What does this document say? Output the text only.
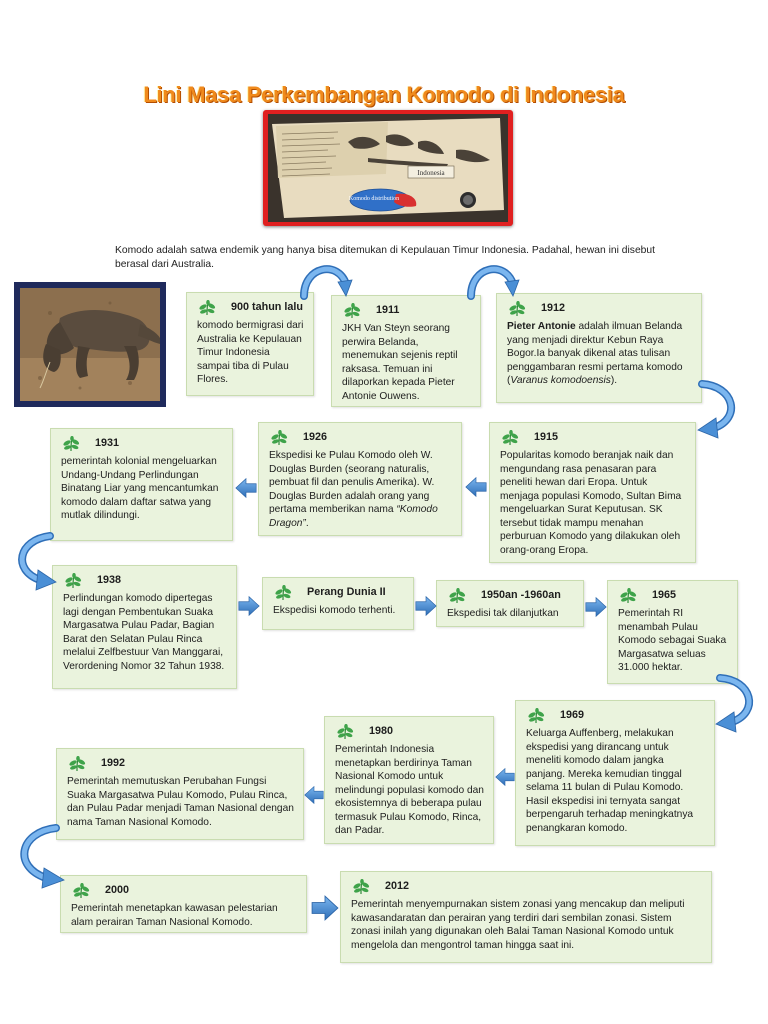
Lini Masa Perkembangan Komodo di Indonesia
Indonesia
Komodo distribution
Komodo adalah satwa endemik yang hanya bisa ditemukan di Kepulauan Timur Indonesia. Padahal, hewan ini disebut berasal dari Australia.
900 tahun lalu

komodo bermigrasi dari Australia ke Kepulauan Timur Indonesia sampai tiba di Pulau Flores.

1911

JKH Van Steyn seorang perwira Belanda, menemukan sejenis reptil raksasa. Temuan ini dilaporkan kepada Pieter Antonie Ouwens.

1912

Pieter Antonie adalah ilmuan Belanda yang menjadi direktur Kebun Raya Bogor.Ia banyak dikenal atas tulisan penggambaran resmi pertama komodo (Varanus komodoensis).

1931

pemerintah kolonial mengeluarkan Undang-Undang Perlindungan Binatang Liar yang mencantumkan komodo dalam daftar satwa yang mutlak dilindungi.

1926

Ekspedisi ke Pulau Komodo oleh W. Douglas Burden (seorang naturalis, pembuat fil dan penulis Amerika). W. Douglas Burden adalah orang yang pertama memberikan nama “Komodo Dragon”.

1915

Popularitas komodo beranjak naik dan mengundang rasa penasaran para peneliti hewan dari Eropa. Untuk menjaga populasi Komodo, Sultan Bima mengeluarkan Surat Keputusan. SK tersebut tidak mampu menahan perburuan Komodo yang dilakukan oleh orang-orang Eropa.

1938

Perlindungan komodo dipertegas lagi dengan Pembentukan Suaka Margasatwa Pulau Padar, Bagian Barat den Selatan Pulau Rinca melalui Zelfbestuur Van Manggarai, Verordening Nomor 32 Tahun 1938.

Perang Dunia II

Ekspedisi komodo terhenti.

1950an -1960an

Ekspedisi tak dilanjutkan

1965

Pemerintah RI menambah Pulau Komodo sebagai Suaka Margasatwa seluas 31.000 hektar.

1992

Pemerintah memutuskan Perubahan Fungsi Suaka Margasatwa Pulau Komodo, Pulau Rinca, dan Pulau Padar menjadi Taman Nasional dengan nama Taman Nasional Komodo.

1980

Pemerintah Indonesia menetapkan berdirinya Taman Nasional Komodo untuk melindungi populasi komodo dan ekosistemnya di beberapa pulau termasuk Pulau Komodo, Rinca, dan Padar.

1969

Keluarga Auffenberg, melakukan ekspedisi yang dirancang untuk meneliti komodo dalam jangka panjang. Mereka kemudian tinggal selama 11 bulan di Pulau Komodo. Hasil ekspedisi ini ternyata sangat berpengaruh terhadap meningkatnya penangkaran komodo.

2000

Pemerintah menetapkan kawasan pelestarian alam perairan Taman Nasional Komodo.

2012

Pemerintah menyempurnakan sistem zonasi yang mencakup dan meliputi kawasandaratan dan perairan yang terdiri dari sembilan zonasi. Sistem zonasi inilah yang digunakan oleh Balai Taman Nasional Komodo untuk mengelola dan mengontrol taman hingga saat ini.
